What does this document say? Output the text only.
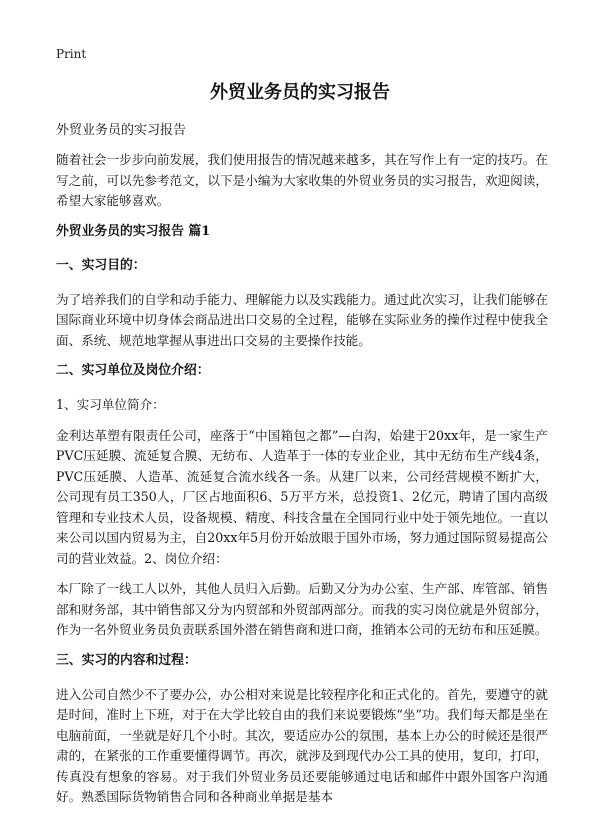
Print
外贸业务员的实习报告
外贸业务员的实习报告

随着社会一步步向前发展，我们使用报告的情况越来越多，其在写作上有一定的技巧。在写之前，可以先参考范文，以下是小编为大家收集的外贸业务员的实习报告，欢迎阅读，希望大家能够喜欢。

外贸业务员的实习报告 篇1

一、实习目的：

为了培养我们的自学和动手能力、理解能力以及实践能力。通过此次实习，让我们能够在国际商业环境中切身体会商品进出口交易的全过程，能够在实际业务的操作过程中使我全面、系统、规范地掌握从事进出口交易的主要操作技能。

二、实习单位及岗位介绍：

1、实习单位简介：

金利达革塑有限责任公司，座落于“中国箱包之都”—白沟，始建于20xx年，是一家生产PVC压延膜、流延复合膜、无纺布、人造革于一体的专业企业，其中无纺布生产线4条，PVC压延膜、人造革、流延复合流水线各一条。从建厂以来，公司经营规模不断扩大，公司现有员工350人，厂区占地面积6、5万平方米，总投资1、2亿元，聘请了国内高级管理和专业技术人员，设备规模、精度、科技含量在全国同行业中处于领先地位。一直以来公司以国内贸易为主，自20xx年5月份开始放眼于国外市场，努力通过国际贸易提高公司的营业效益。2、岗位介绍：

本厂除了一线工人以外，其他人员归入后勤。后勤又分为办公室、生产部、库管部、销售部和财务部，其中销售部又分为内贸部和外贸部两部分。而我的实习岗位就是外贸部分，作为一名外贸业务员负责联系国外潜在销售商和进口商，推销本公司的无纺布和压延膜。

三、实习的内容和过程：

进入公司自然少不了要办公，办公相对来说是比较程序化和正式化的。首先，要遵守的就是时间，准时上下班，对于在大学比较自由的我们来说要锻炼“坐”功。我们每天都是坐在电脑前面，一坐就是好几个小时。其次，要适应办公的氛围，基本上办公的时候还是很严肃的，在紧张的工作重要懂得调节。再次，就涉及到现代办公工具的使用，复印，打印，传真没有想象的容易。对于我们外贸业务员还要能够通过电话和邮件中跟外国客户沟通好。熟悉国际货物销售合同和各种商业单据是基本
